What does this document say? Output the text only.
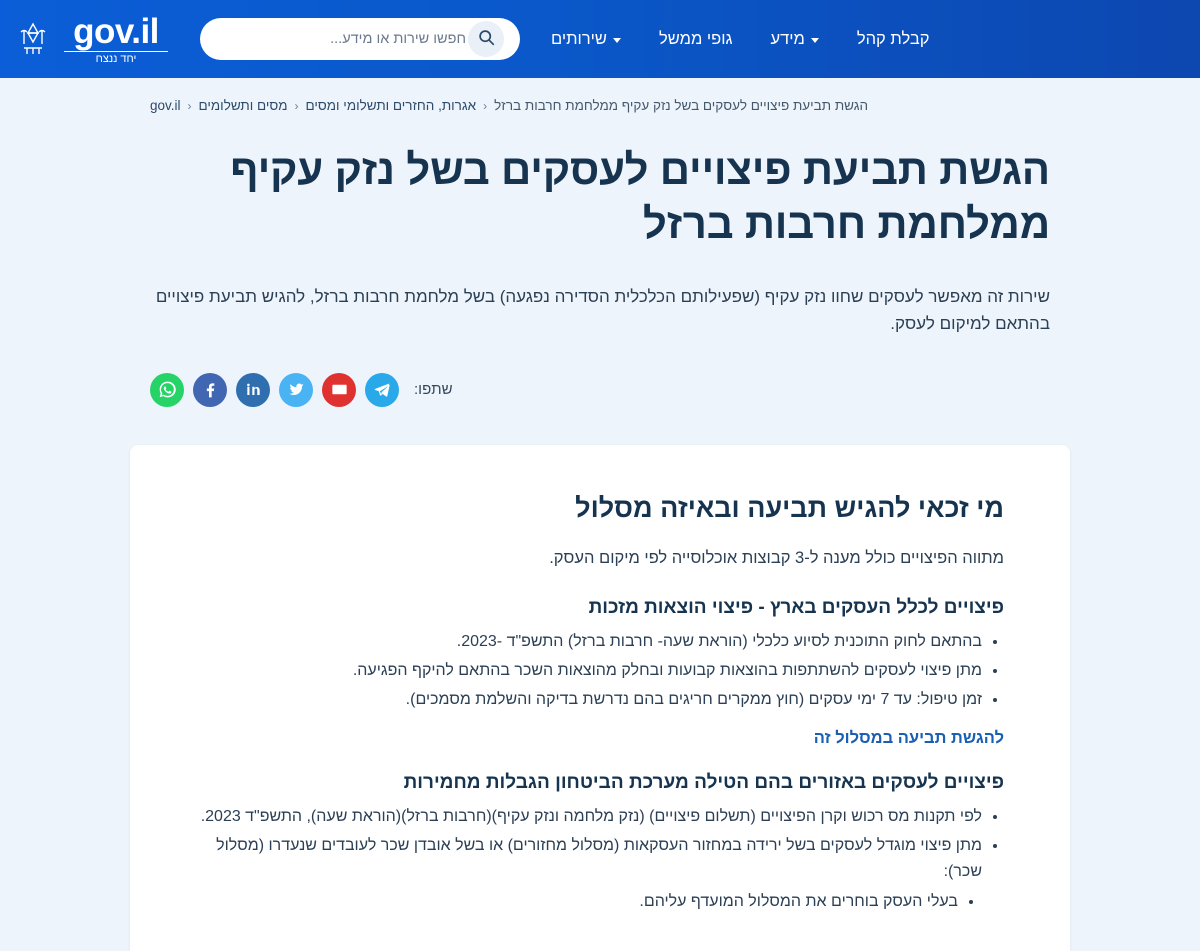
gov.il
יחד ננצח
חפשו שירות או מידע...
שירותים	גופי ממשל מידע	קבלת קהל
gov.il ‹ מסים ותשלומים ‹ אגרות, החזרים ותשלומי ומסים ‹ הגשת תביעת פיצויים לעסקים בשל נזק עקיף ממלחמת חרבות ברזל
הגשת תביעת פיצויים לעסקים בשל נזק עקיף ממלחמת חרבות ברזל

שירות זה מאפשר לעסקים שחוו נזק עקיף (שפעילותם הכלכלית הסדירה נפגעה) בשל מלחמת חרבות ברזל, להגיש תביעת פיצויים בהתאם למיקום לעסק.

שתפו:
מי זכאי להגיש תביעה ובאיזה מסלול

מתווה הפיצויים כולל מענה ל-3 קבוצות אוכלוסייה לפי מיקום העסק.

פיצויים לכלל העסקים בארץ - פיצוי הוצאות מזכות
• בהתאם לחוק התוכנית לסיוע כלכלי (הוראת שעה- חרבות ברזל) התשפ"ד -2023.
• מתן פיצוי לעסקים להשתתפות בהוצאות קבועות ובחלק מהוצאות השכר בהתאם להיקף הפגיעה.
• זמן טיפול: עד 7 ימי עסקים (חוץ ממקרים חריגים בהם נדרשת בדיקה והשלמת מסמכים).
להגשת תביעה במסלול זה
פיצויים לעסקים באזורים בהם הטילה מערכת הביטחון הגבלות מחמירות
• לפי תקנות מס רכוש וקרן הפיצויים (תשלום פיצויים) (נזק מלחמה ונזק עקיף)(חרבות ברזל)(הוראת שעה), התשפ"ד 2023.
• מתן פיצוי מוגדל לעסקים בשל ירידה במחזור העסקאות (מסלול מחזורים) או בשל אובדן שכר לעובדים שנעדרו (מסלול שכר):
• בעלי העסק בוחרים את המסלול המועדף עליהם.
